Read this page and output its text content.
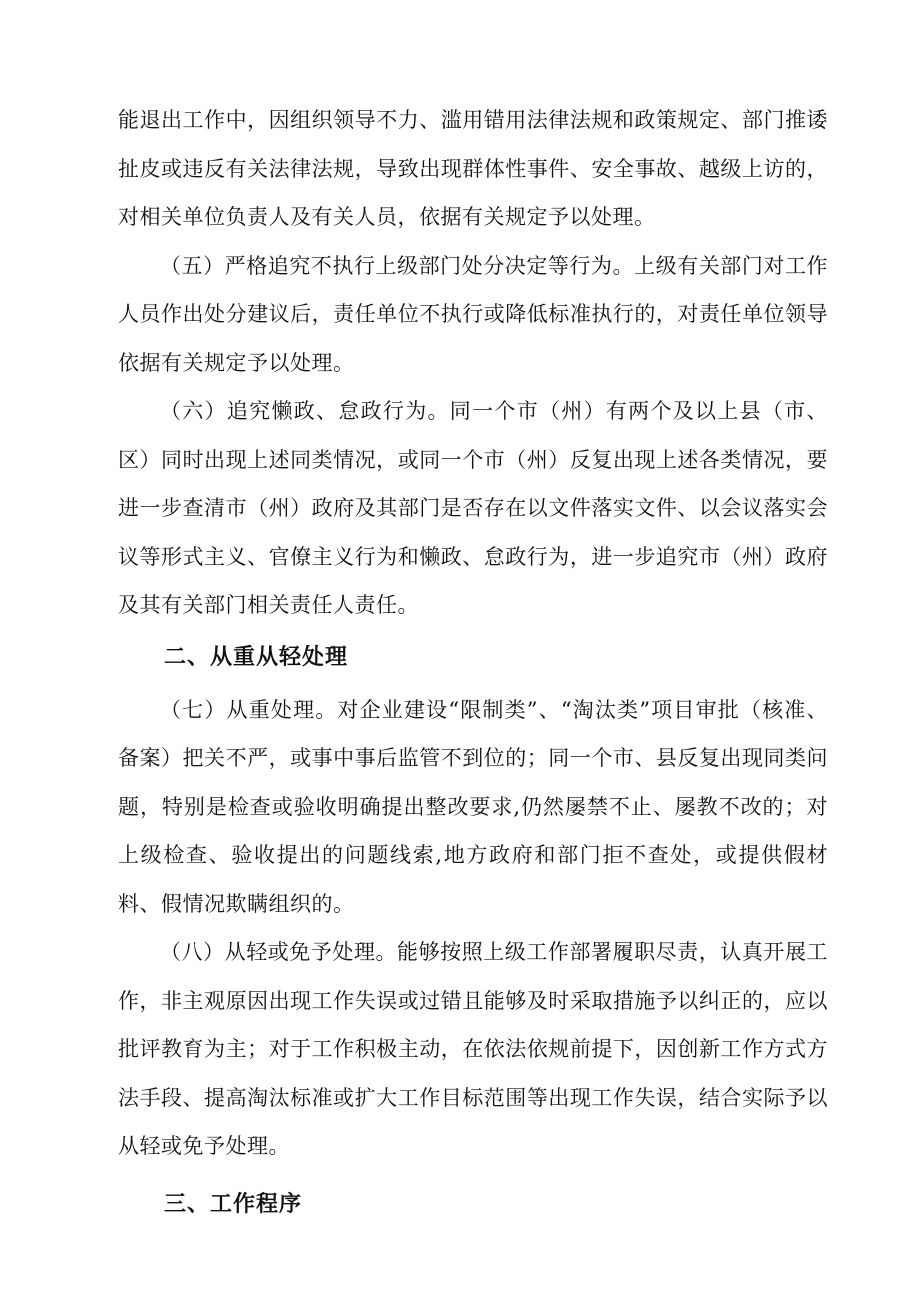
能退出工作中，因组织领导不力、滥用错用法律法规和政策规定、部门推诿扯皮或违反有关法律法规，导致出现群体性事件、安全事故、越级上访的，对相关单位负责人及有关人员，依据有关规定予以处理。

（五）严格追究不执行上级部门处分决定等行为。上级有关部门对工作人员作出处分建议后，责任单位不执行或降低标准执行的，对责任单位领导依据有关规定予以处理。

（六）追究懒政、怠政行为。同一个市（州）有两个及以上县（市、区）同时出现上述同类情况，或同一个市（州）反复出现上述各类情况，要进一步查清市（州）政府及其部门是否存在以文件落实文件、以会议落实会议等形式主义、官僚主义行为和懒政、怠政行为，进一步追究市（州）政府及其有关部门相关责任人责任。

二、从重从轻处理

（七）从重处理。对企业建设“限制类”、“淘汰类”项目审批（核准、备案）把关不严，或事中事后监管不到位的；同一个市、县反复出现同类问题，特别是检查或验收明确提出整改要求,仍然屡禁不止、屡教不改的；对上级检查、验收提出的问题线索,地方政府和部门拒不查处，或提供假材料、假情况欺瞒组织的。

（八）从轻或免予处理。能够按照上级工作部署履职尽责，认真开展工作，非主观原因出现工作失误或过错且能够及时采取措施予以纠正的，应以批评教育为主；对于工作积极主动，在依法依规前提下，因创新工作方式方法手段、提高淘汰标准或扩大工作目标范围等出现工作失误，结合实际予以从轻或免予处理。

三、工作程序
